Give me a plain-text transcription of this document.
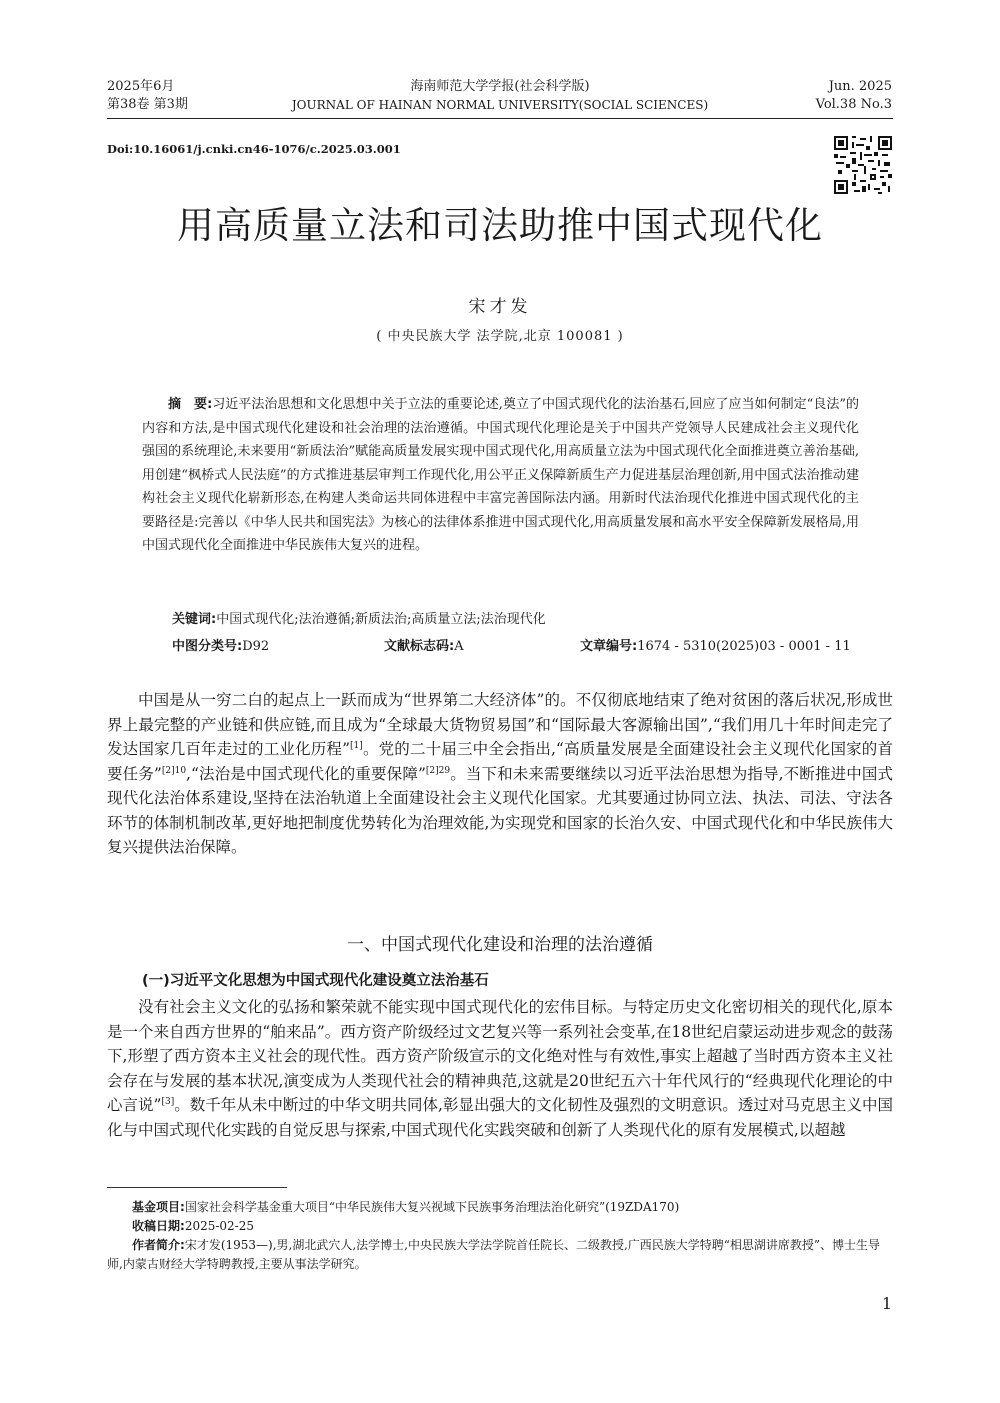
2025年6月
第38卷 第3期
海南师范大学学报(社会科学版)
JOURNAL OF HAINAN NORMAL UNIVERSITY(SOCIAL SCIENCES)
Jun. 2025
Vol.38 No.3
Doi:10.16061/j.cnki.cn46-1076/c.2025.03.001
用高质量立法和司法助推中国式现代化
宋才发
( 中央民族大学 法学院,北京 100081 )
摘　要:习近平法治思想和文化思想中关于立法的重要论述,奠立了中国式现代化的法治基石,回应了应当如何制定“良法”的内容和方法,是中国式现代化建设和社会治理的法治遵循。中国式现代化理论是关于中国共产党领导人民建成社会主义现代化强国的系统理论,未来要用“新质法治”赋能高质量发展实现中国式现代化,用高质量立法为中国式现代化全面推进奠立善治基础,用创建“枫桥式人民法庭”的方式推进基层审判工作现代化,用公平正义保障新质生产力促进基层治理创新,用中国式法治推动建构社会主义现代化崭新形态,在构建人类命运共同体进程中丰富完善国际法内涵。用新时代法治现代化推进中国式现代化的主要路径是:完善以《中华人民共和国宪法》为核心的法律体系推进中国式现代化,用高质量发展和高水平安全保障新发展格局,用中国式现代化全面推进中华民族伟大复兴的进程。
关键词:中国式现代化;法治遵循;新质法治;高质量立法;法治现代化
中图分类号:D92	文献标志码:A	文章编号:1674 - 5310(2025)03 - 0001 - 11
中国是从一穷二白的起点上一跃而成为“世界第二大经济体”的。不仅彻底地结束了绝对贫困的落后状况,形成世界上最完整的产业链和供应链,而且成为“全球最大货物贸易国”和“国际最大客源输出国”,“我们用几十年时间走完了发达国家几百年走过的工业化历程”[1]。党的二十届三中全会指出,“高质量发展是全面建设社会主义现代化国家的首要任务”$^{[2]10}$,“法治是中国式现代化的重要保障”$^{[2]29}$。当下和未来需要继续以习近平法治思想为指导,不断推进中国式现代化法治体系建设,坚持在法治轨道上全面建设社会主义现代化国家。尤其要通过协同立法、执法、司法、守法各环节的体制机制改革,更好地把制度优势转化为治理效能,为实现党和国家的长治久安、中国式现代化和中华民族伟大复兴提供法治保障。
一、中国式现代化建设和治理的法治遵循
(一)习近平文化思想为中国式现代化建设奠立法治基石
没有社会主义文化的弘扬和繁荣就不能实现中国式现代化的宏伟目标。与特定历史文化密切相关的现代化,原本是一个来自西方世界的“舶来品”。西方资产阶级经过文艺复兴等一系列社会变革,在18世纪启蒙运动进步观念的鼓荡下,形塑了西方资本主义社会的现代性。西方资产阶级宣示的文化绝对性与有效性,事实上超越了当时西方资本主义社会存在与发展的基本状况,演变成为人类现代社会的精神典范,这就是20世纪五六十年代风行的“经典现代化理论的中心言说”[3]。数千年从未中断过的中华文明共同体,彰显出强大的文化韧性及强烈的文明意识。透过对马克思主义中国化与中国式现代化实践的自觉反思与探索,中国式现代化实践突破和创新了人类现代化的原有发展模式,以超越
基金项目:国家社会科学基金重大项目“中华民族伟大复兴视域下民族事务治理法治化研究”(19ZDA170)
收稿日期:2025-02-25
作者简介:宋才发(1953—),男,湖北武穴人,法学博士,中央民族大学法学院首任院长、二级教授,广西民族大学特聘“相思湖讲席教授”、博士生导师,内蒙古财经大学特聘教授,主要从事法学研究。
1
